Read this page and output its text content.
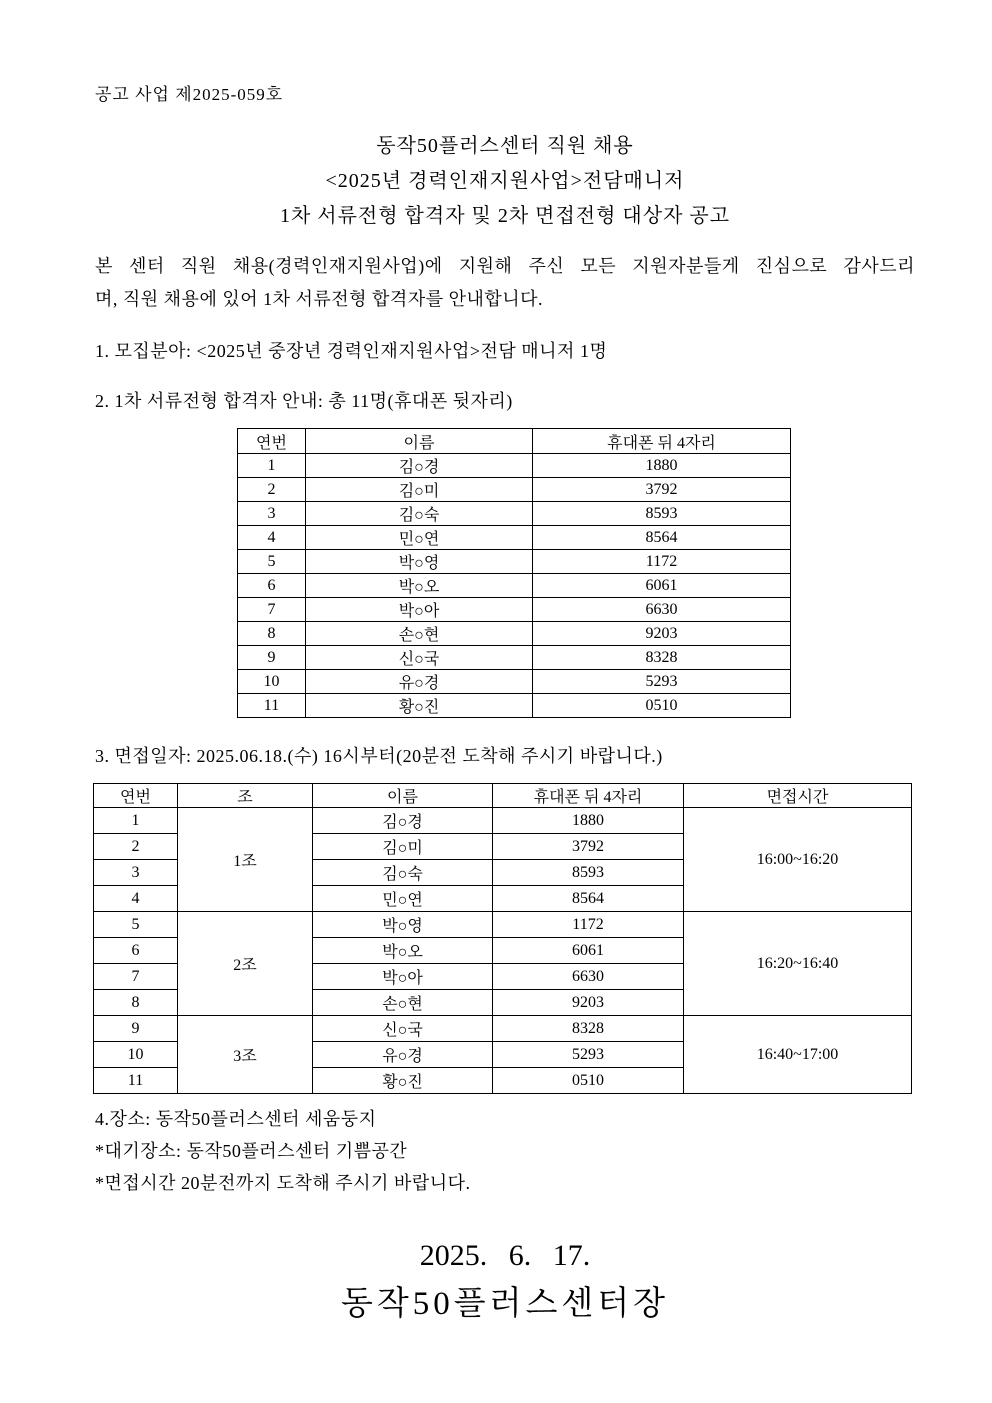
공고 사업 제2025-059호
동작50플러스센터 직원 채용
<2025년 경력인재지원사업>전담매니저
1차 서류전형 합격자 및 2차 면접전형 대상자 공고
본 센터 직원 채용(경력인재지원사업)에 지원해 주신 모든 지원자분들게 진심으로 감사드리
며, 직원 채용에 있어 1차 서류전형 합격자를 안내합니다.
1. 모집분아: <2025년 중장년 경력인재지원사업>전담 매니저 1명
2. 1차 서류전형 합격자 안내: 총 11명(휴대폰 뒷자리)
연번	이름	휴대폰 뒤 4자리
1	김○경	1880
2	김○미	3792
3	김○숙	8593
4	민○연	8564
5	박○영	1172
6	박○오	6061
7	박○아	6630
8	손○현	9203
9	신○국	8328
10	유○경	5293
11	황○진	0510
3. 면접일자: 2025.06.18.(수) 16시부터(20분전 도착해 주시기 바랍니다.)
연번	조	이름	휴대폰 뒤 4자리	면접시간
1	1조	김○경	1880	16:00~16:20
2		김○미	3792	
3		김○숙	8593	
4		민○연	8564	
5	2조	박○영	1172	16:20~16:40
6		박○오	6061	
7		박○아	6630	
8		손○현	9203	
9	3조	신○국	8328	16:40~17:00
10		유○경	5293	
11		황○진	0510	
4.장소: 동작50플러스센터 세움둥지
*대기장소: 동작50플러스센터 기쁨공간
*면접시간 20분전까지 도착해 주시기 바랍니다.
2025. 6. 17.
동작50플러스센터장
